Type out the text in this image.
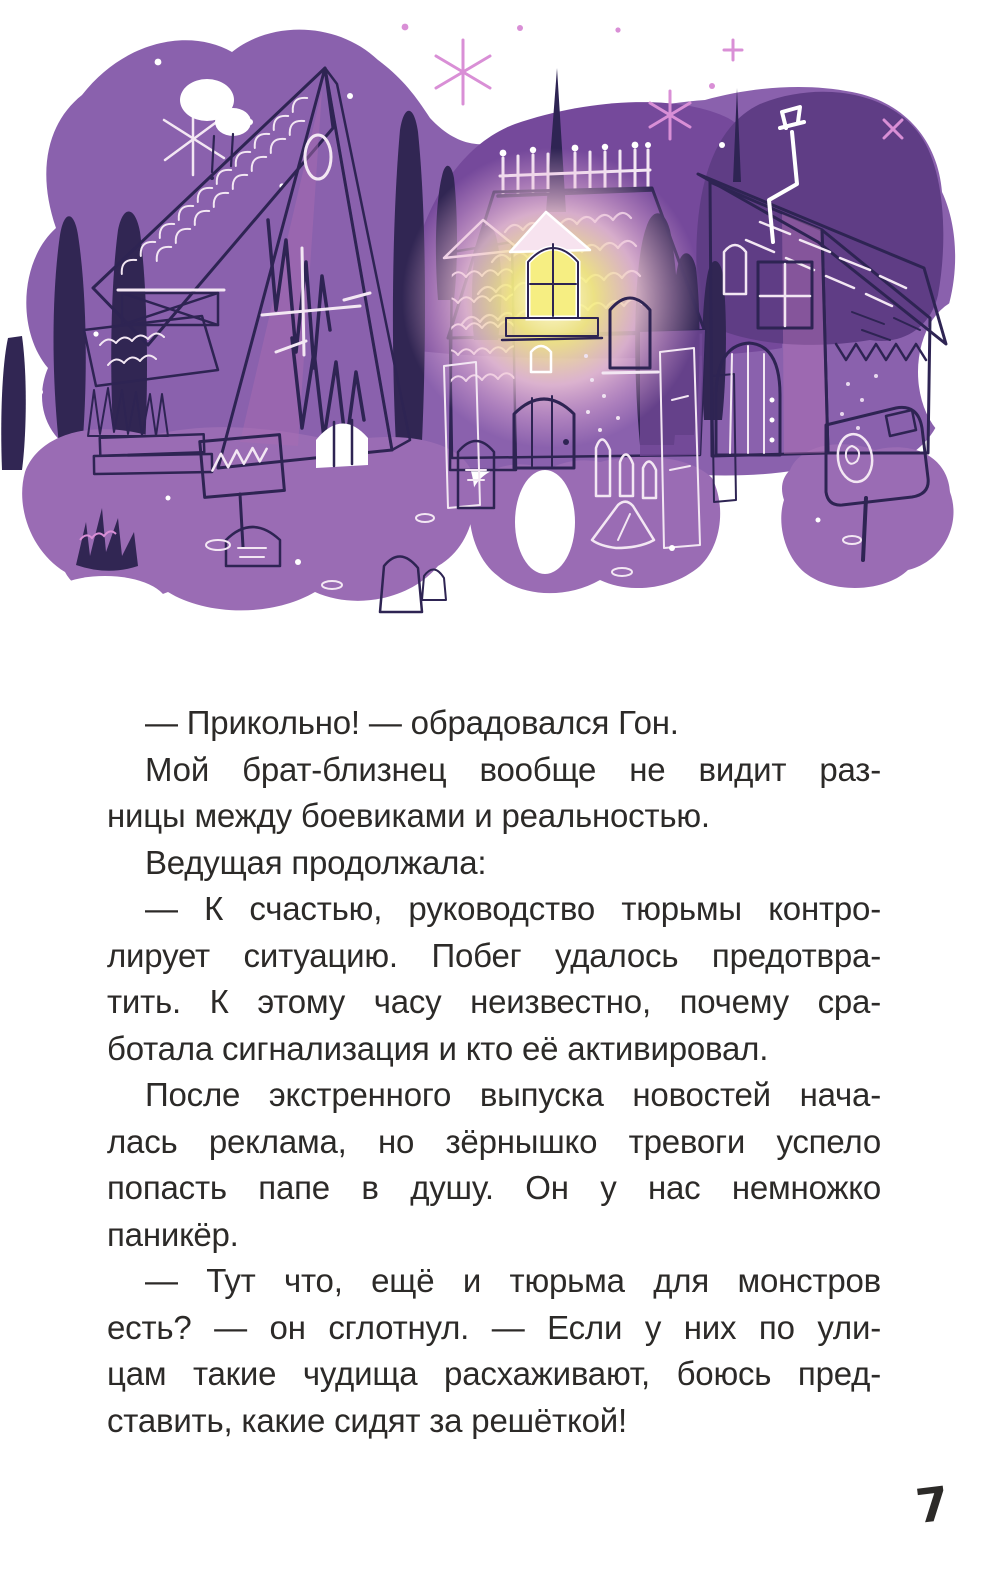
— Прикольно! — обрадовался Гон.
Мой брат-близнец вообще не видит раз-
ницы между боевиками и реальностью.
Ведущая продолжала:
— К счастью, руководство тюрьмы контро-
лирует ситуацию. Побег удалось предотвра-
тить. К этому часу неизвестно, почему сра-
ботала сигнализация и кто её активировал.
После экстренного выпуска новостей нача-
лась реклама, но зёрнышко тревоги успело
попасть папе в душу. Он у нас немножко
паникёр.
— Тут что, ещё и тюрьма для монстров
есть? — он сглотнул. — Если у них по ули-
цам такие чудища расхаживают, боюсь пред-
ставить, какие сидят за решёткой!
7
